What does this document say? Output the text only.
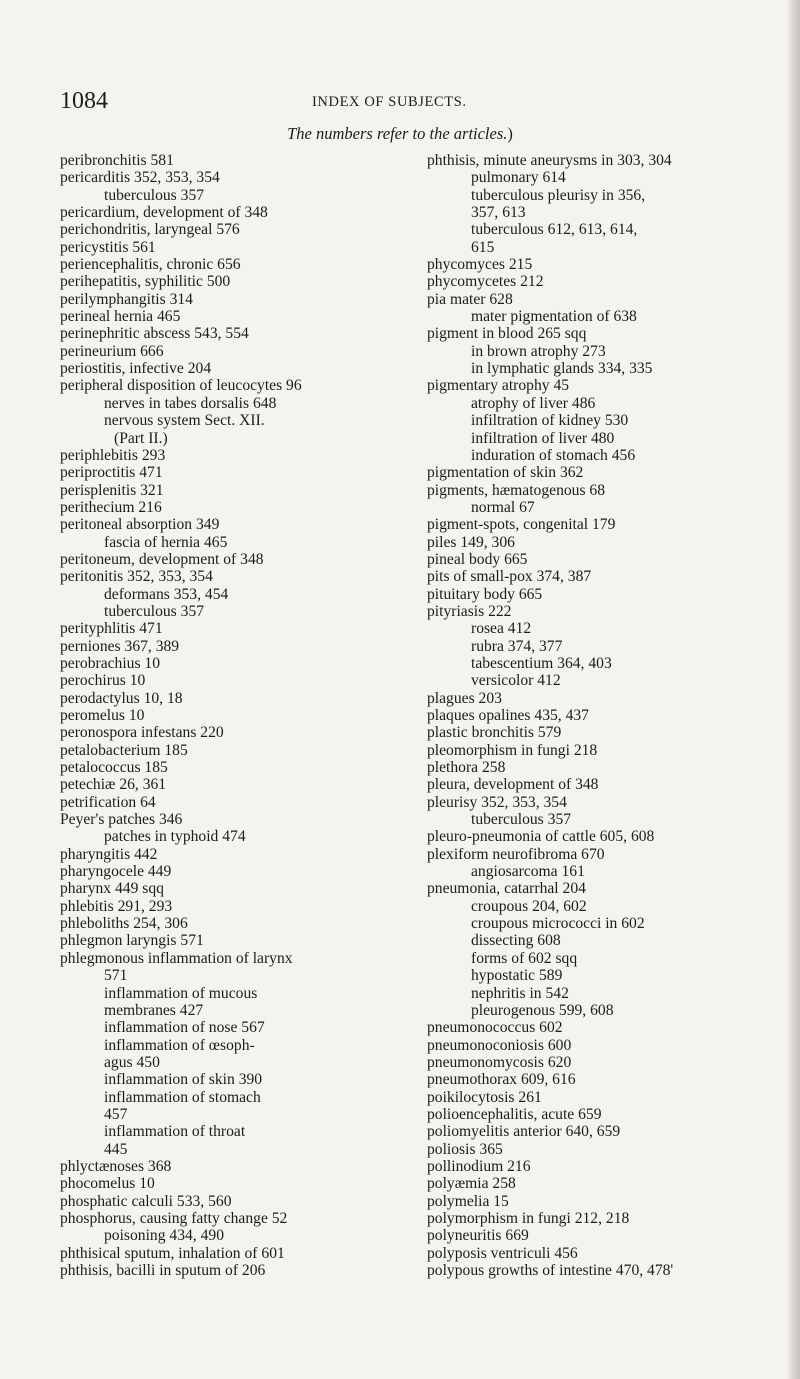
1084	INDEX OF SUBJECTS.
The numbers refer to the articles.)
peribronchitis 581
pericarditis 352, 353, 354
tuberculous 357
pericardium, development of 348
perichondritis, laryngeal 576
pericystitis 561
periencephalitis, chronic 656
perihepatitis, syphilitic 500
perilymphangitis 314
perineal hernia 465
perinephritic abscess 543, 554
perineurium 666
periostitis, infective 204
peripheral disposition of leucocytes 96
nerves in tabes dorsalis 648
nervous system Sect. XII.
(Part II.)
periphlebitis 293
periproctitis 471
perisplenitis 321
perithecium 216
peritoneal absorption 349
fascia of hernia 465
peritoneum, development of 348
peritonitis 352, 353, 354
deformans 353, 454
tuberculous 357
perityphlitis 471
perniones 367, 389
perobrachius 10
perochirus 10
perodactylus 10, 18
peromelus 10
peronospora infestans 220
petalobacterium 185
petalococcus 185
petechiæ 26, 361
petrification 64
Peyer's patches 346
patches in typhoid 474
pharyngitis 442
pharyngocele 449
pharynx 449 sqq
phlebitis 291, 293
phleboliths 254, 306
phlegmon laryngis 571
phlegmonous inflammation of larynx
571
inflammation of mucous
membranes 427
inflammation of nose 567
inflammation of œsoph-
agus 450
inflammation of skin 390
inflammation of stomach
457
inflammation of throat
445
phlyctænoses 368
phocomelus 10
phosphatic calculi 533, 560
phosphorus, causing fatty change 52
poisoning 434, 490
phthisical sputum, inhalation of 601
phthisis, bacilli in sputum of 206
phthisis, minute aneurysms in 303, 304
pulmonary 614
tuberculous pleurisy in 356,
357, 613
tuberculous 612, 613, 614,
615
phycomyces 215
phycomycetes 212
pia mater 628
mater pigmentation of 638
pigment in blood 265 sqq
in brown atrophy 273
in lymphatic glands 334, 335
pigmentary atrophy 45
atrophy of liver 486
infiltration of kidney 530
infiltration of liver 480
induration of stomach 456
pigmentation of skin 362
pigments, hæmatogenous 68
normal 67
pigment-spots, congenital 179
piles 149, 306
pineal body 665
pits of small-pox 374, 387
pituitary body 665
pityriasis 222
rosea 412
rubra 374, 377
tabescentium 364, 403
versicolor 412
plagues 203
plaques opalines 435, 437
plastic bronchitis 579
pleomorphism in fungi 218
plethora 258
pleura, development of 348
pleurisy 352, 353, 354
tuberculous 357
pleuro-pneumonia of cattle 605, 608
plexiform neurofibroma 670
angiosarcoma 161
pneumonia, catarrhal 204
croupous 204, 602
croupous micrococci in 602
dissecting 608
forms of 602 sqq
hypostatic 589
nephritis in 542
pleurogenous 599, 608
pneumonococcus 602
pneumonoconiosis 600
pneumonomycosis 620
pneumothorax 609, 616
poikilocytosis 261
polioencephalitis, acute 659
poliomyelitis anterior 640, 659
poliosis 365
pollinodium 216
polyæmia 258
polymelia 15
polymorphism in fungi 212, 218
polyneuritis 669
polyposis ventriculi 456
polypous growths of intestine 470, 478'
